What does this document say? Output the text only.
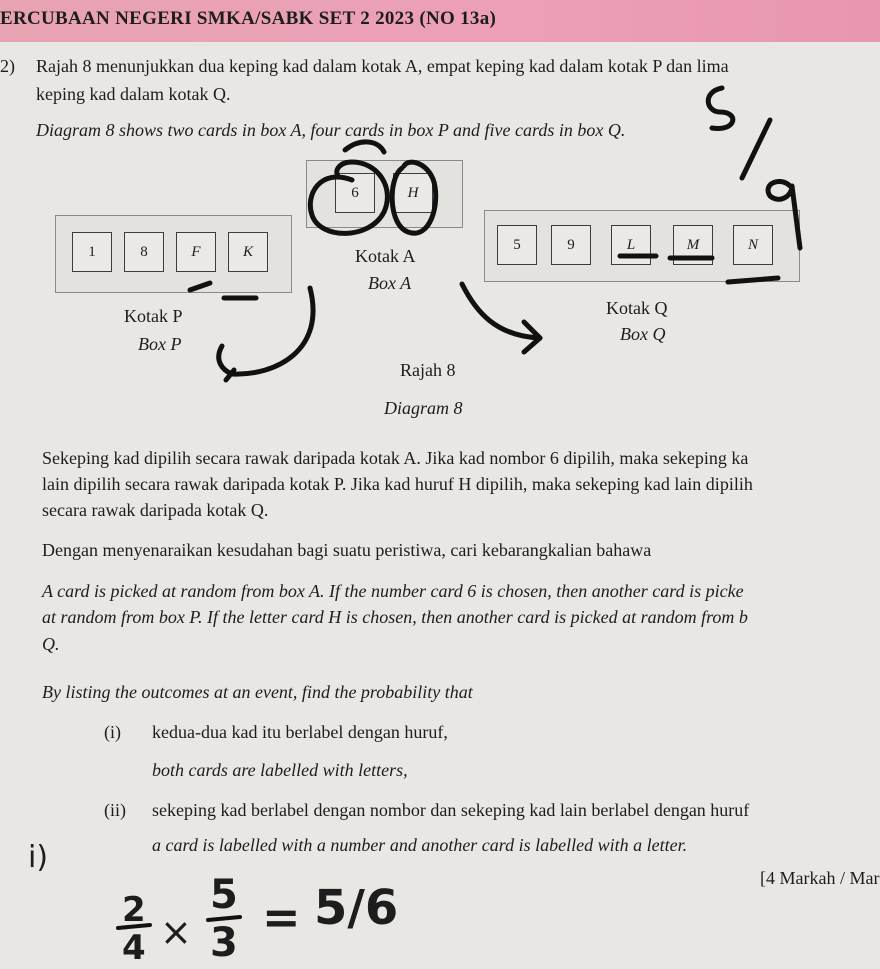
ERCUBAAN NEGERI SMKA/SABK SET 2 2023 (NO 13a)
2) Rajah 8 menunjukkan dua keping kad dalam kotak A, empat keping kad dalam kotak P dan lima
keping kad dalam kotak Q.
Diagram 8 shows two cards in box A, four cards in box P and five cards in box Q.
6	H
1	8	F	K	5	9	L	M	N
Kotak A
Box A
Kotak P
Box P
Kotak Q
Box Q
Rajah 8
Diagram 8
Sekeping kad dipilih secara rawak daripada kotak A. Jika kad nombor 6 dipilih, maka sekeping ka
lain dipilih secara rawak daripada kotak P. Jika kad huruf H dipilih, maka sekeping kad lain dipilih
secara rawak daripada kotak Q.
Dengan menyenaraikan kesudahan bagi suatu peristiwa, cari kebarangkalian bahawa
A card is picked at random from box A. If the number card 6 is chosen, then another card is picke
at random from box P. If the letter card H is chosen, then another card is picked at random from b
Q.
By listing the outcomes at an event, find the probability that
(i) kedua-dua kad itu berlabel dengan huruf,
both cards are labelled with letters,
(ii) sekeping kad berlabel dengan nombor dan sekeping kad lain berlabel dengan huruf
a card is labelled with a number and another card is labelled with a letter.
[4 Markah / Mar
i)
2
4 ×
5
3 = 5/6
